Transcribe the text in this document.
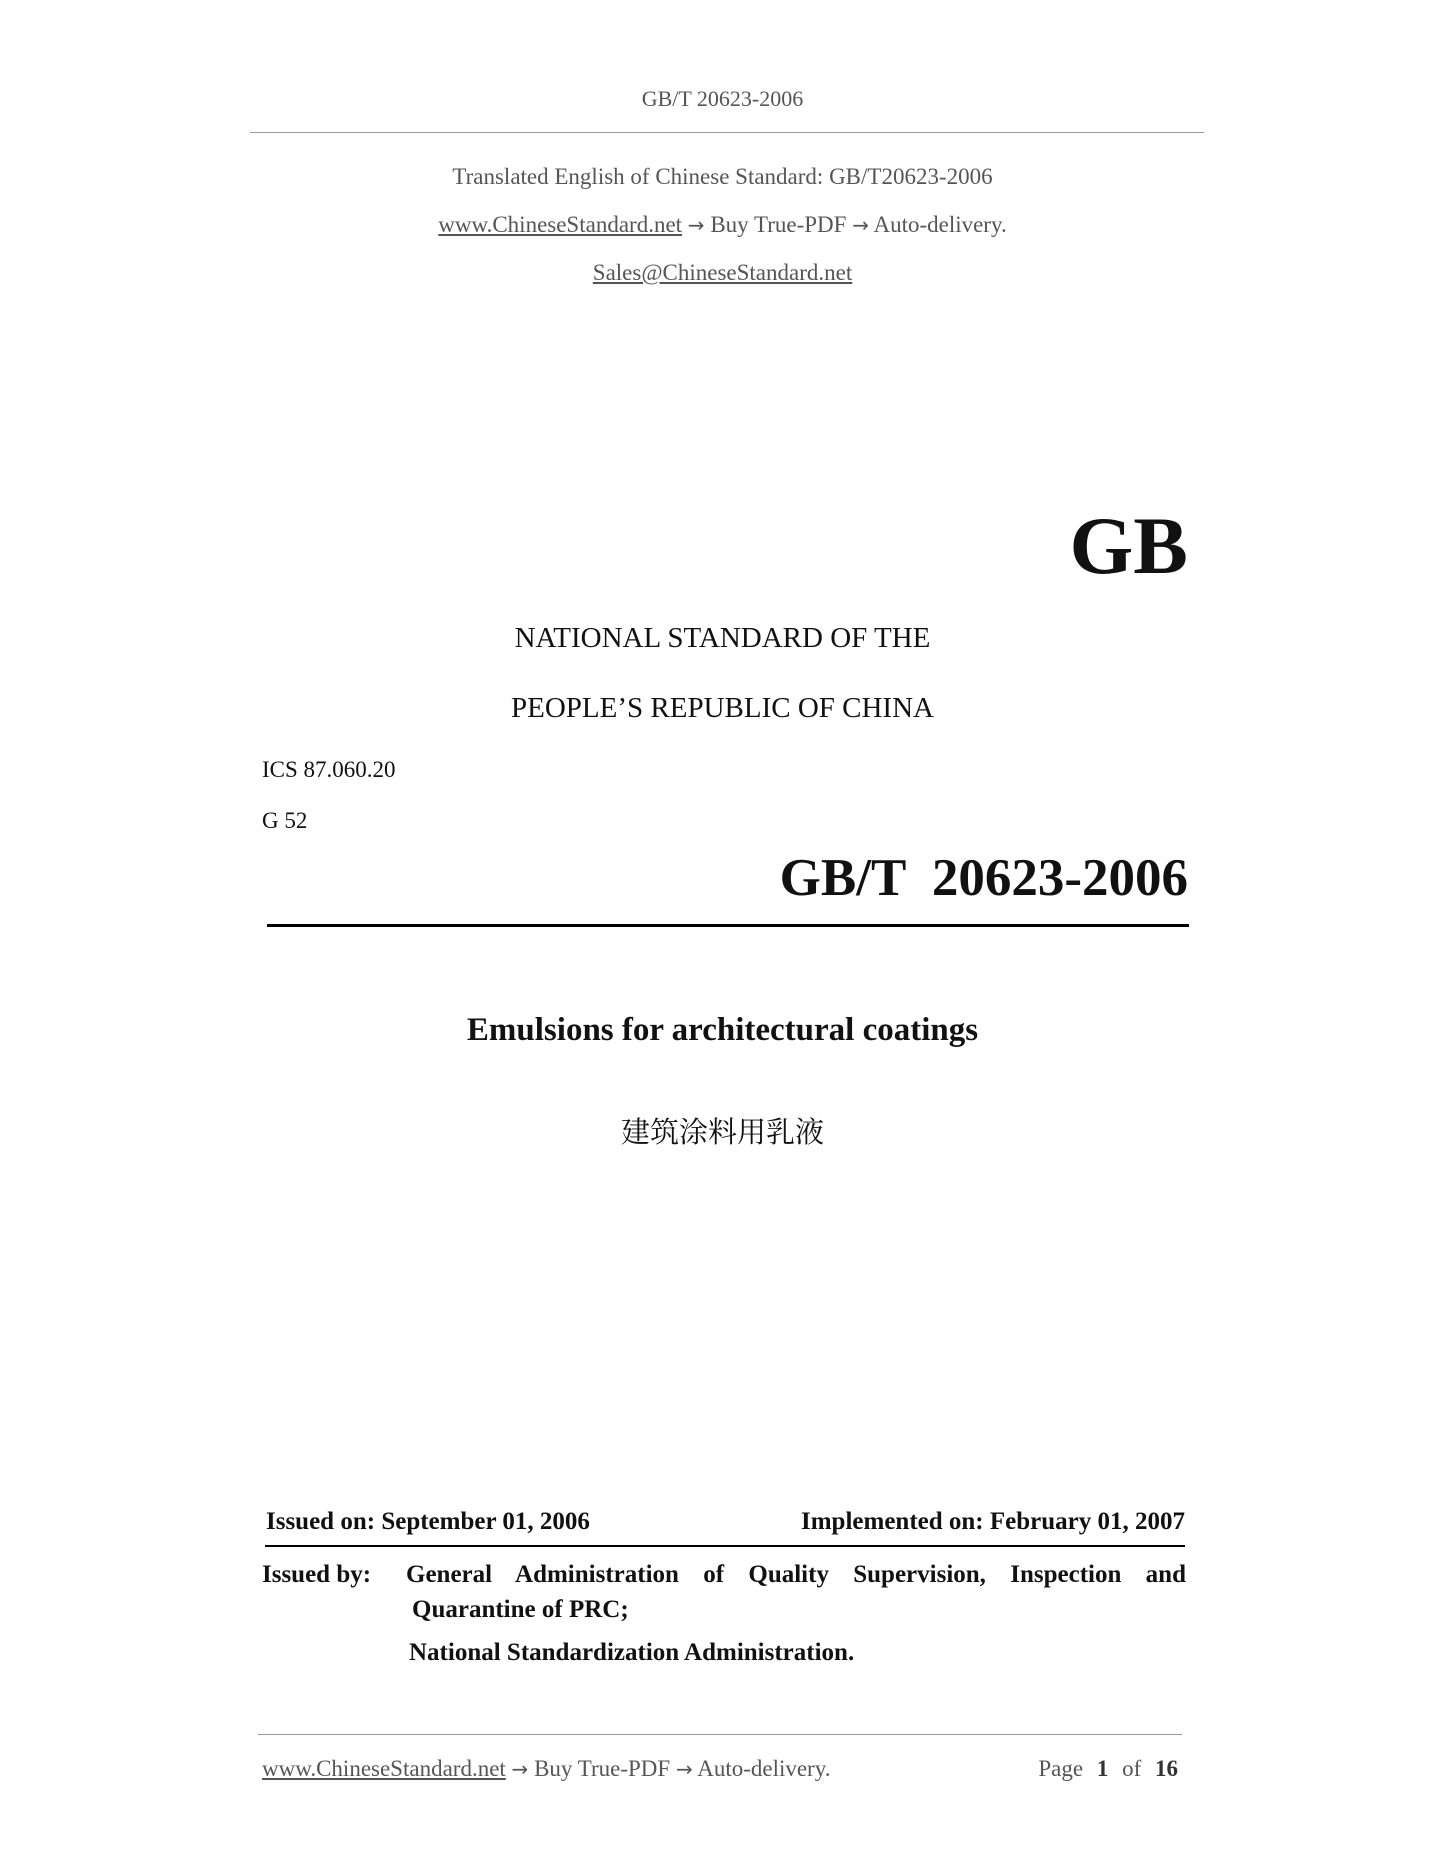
GB/T 20623-2006
Translated English of Chinese Standard: GB/T20623-2006
www.ChineseStandard.net → Buy True-PDF → Auto-delivery.
Sales@ChineseStandard.net
GB
NATIONAL STANDARD OF THE
PEOPLE’S REPUBLIC OF CHINA
ICS 87.060.20
G 52
GB/T  20623-2006
Emulsions for architectural coatings
建筑涂料用乳液
Issued on: September 01, 2006	Implemented on: February 01, 2007
Issued by: General Administration of Quality Supervision, Inspection and
Quarantine of PRC;
National Standardization Administration.
www.ChineseStandard.net → Buy True-PDF → Auto-delivery.	Page 1 of 16
